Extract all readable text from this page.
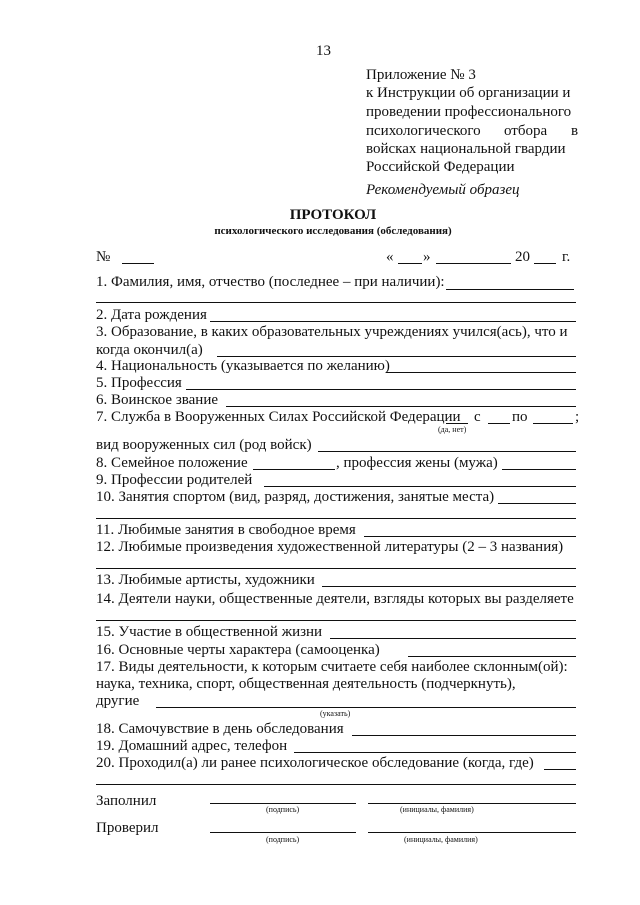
13
Приложение № 3
к Инструкции об организации и
проведении профессионального
психологического отбора в
войсках национальной гвардии
Российской Федерации
Рекомендуемый образец
ПРОТОКОЛ
психологического исследования (обследования)
№	« »	20 г.
1. Фамилия, имя, отчество (последнее – при наличии):
2. Дата рождения
3. Образование, в каких образовательных учреждениях учился(ась), что и
когда окончил(а)
4. Национальность (указывается по желанию)
5. Профессия
6. Воинское звание
7. Служба в Вооруженных Силах Российской Федерации с по	;
(да, нет)
вид вооруженных сил (род войск)
8. Семейное положение	, профессия жены (мужа)
9. Профессии родителей
10. Занятия спортом (вид, разряд, достижения, занятые места)
11. Любимые занятия в свободное время
12. Любимые произведения художественной литературы (2 – 3 названия)
13. Любимые артисты, художники
14. Деятели науки, общественные деятели, взгляды которых вы разделяете
15. Участие в общественной жизни
16. Основные черты характера (самооценка)
17. Виды деятельности, к которым считаете себя наиболее склонным(ой):
наука, техника, спорт, общественная деятельность (подчеркнуть),
другие
(указать)
18. Самочувствие в день обследования
19. Домашний адрес, телефон
20. Проходил(а) ли ранее психологическое обследование (когда, где)
Заполнил
(подпись)	(инициалы, фамилия)
Проверил
(подпись)	(инициалы, фамилия)
